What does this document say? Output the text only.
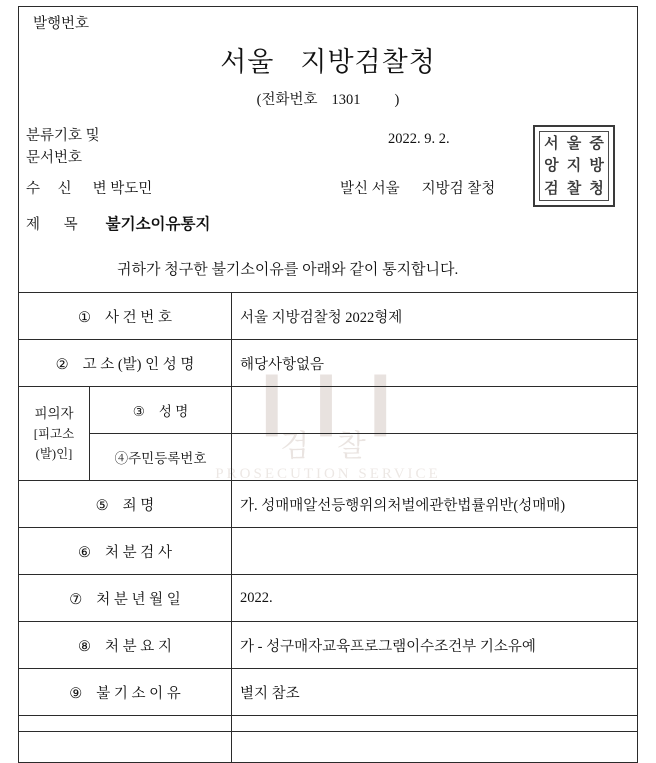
❙❙❙
검 찰
PROSECUTION SERVICE
발행번호
서울 지방검찰청
(전화번호 1301 )
분류기호 및
문서번호
2022. 9. 2.	서 울 중
앙 지 방
검 찰 청
수 신 변 박도민	발신 서울 지방검 찰청
제 목 불기소이유통지
귀하가 청구한 불기소이유를 아래와 같이 통지합니다.
① 사 건 번 호		서울 지방검찰청 2022형제
② 고 소 (발) 인 성 명		해당사항없음

피의자
[피고소(발)인]	③ 성 명	
	④주민등록번호	
⑤ 죄 명		가. 성매매알선등행위의처벌에관한법률위반(성매매)
⑥ 처 분 검 사		
⑦ 처 분 년 월 일		2022.
⑧ 처 분 요 지		가 - 성구매자교육프로그램이수조건부 기소유예
⑨ 불 기 소 이 유		별지 참조
